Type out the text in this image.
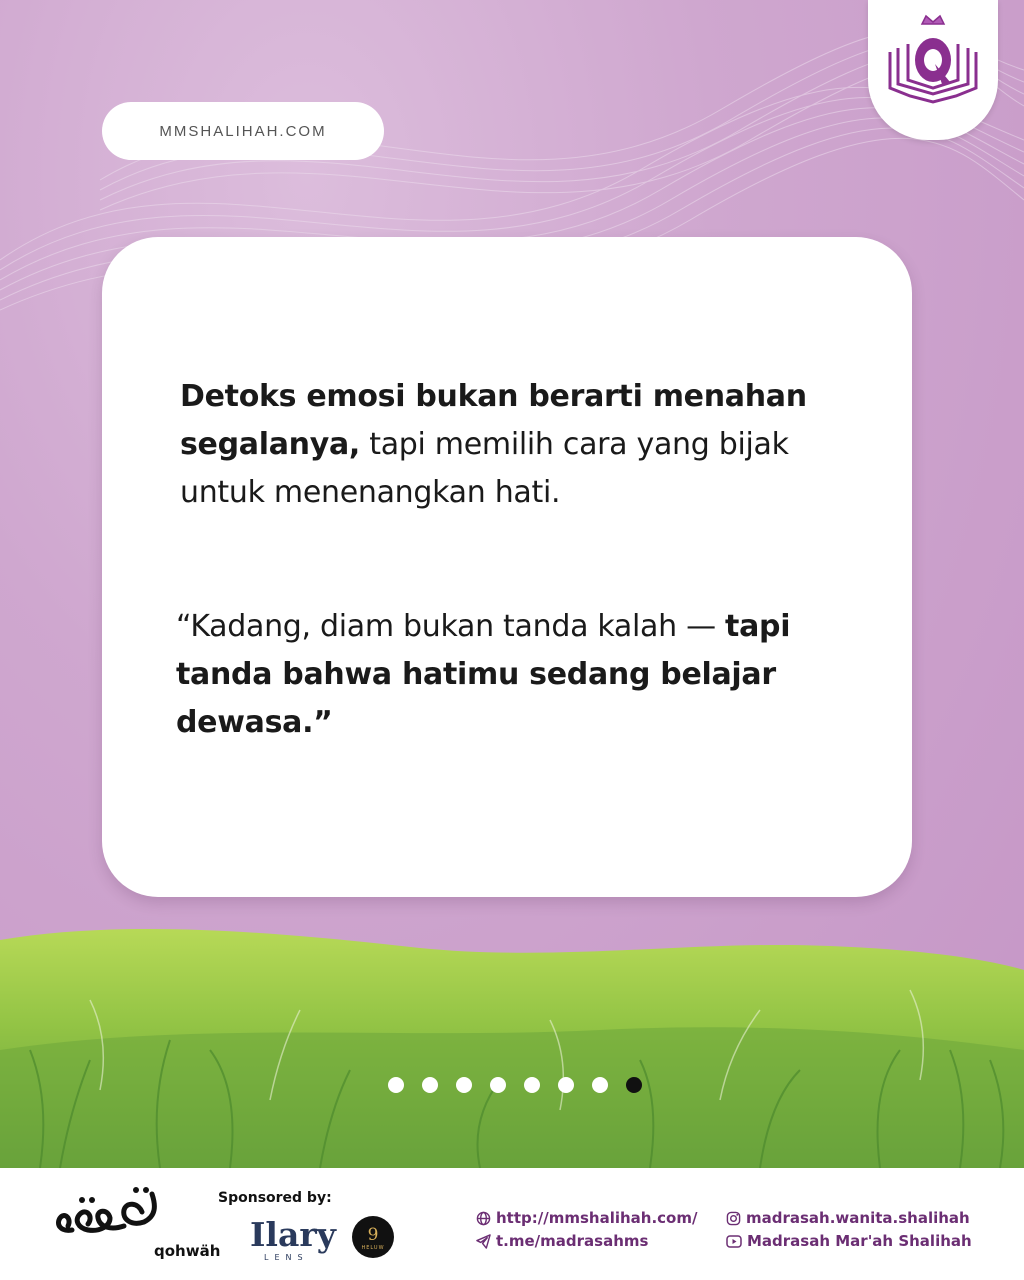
MMSHALIHAH.COM
Detoks emosi bukan berarti menahan segalanya, tapi memilih cara yang bijak untuk menenangkan hati.
“Kadang, diam bukan tanda kalah — tapi tanda bahwa hatimu sedang belajar dewasa.”
qohwäh
Sponsored by:
Ilary
LENS
9
HELUW
http://mmshalihah.com/
t.me/madrasahms
madrasah.wanita.shalihah
Madrasah Mar'ah Shalihah
